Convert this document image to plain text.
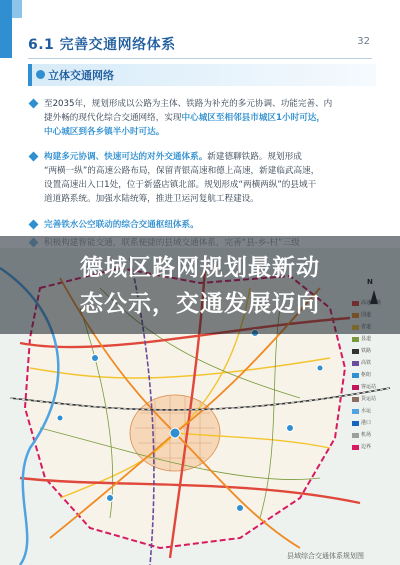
6.1 完善交通网络体系	32
立体交通网络
至2035年，规划形成以公路为主体、铁路为补充的多元协调、功能完善、内
捷外畅的现代化综合交通网络，实现中心城区至相邻县市城区1小时可达，
中心城区到各乡镇半小时可达。
构建多元协调、快速可达的对外交通体系。新建德聊铁路。规划形成
“两横一纵”的高速公路布局，保留青银高速和德上高速，新建临武高速，
设置高速出入口1处，位于新盛店镇北部。规划形成“两横两纵”的县域干
道道路系统。加强水陆统筹，推进卫运河复航工程建设。
完善铁水公空联动的综合交通枢纽体系。
县域综合交通体系规划图
县道
铁路
高铁
枢纽
客运站
货运站
水运
港口
机场
边界
德城区路网规划最新动
态公示，交通发展迈向
